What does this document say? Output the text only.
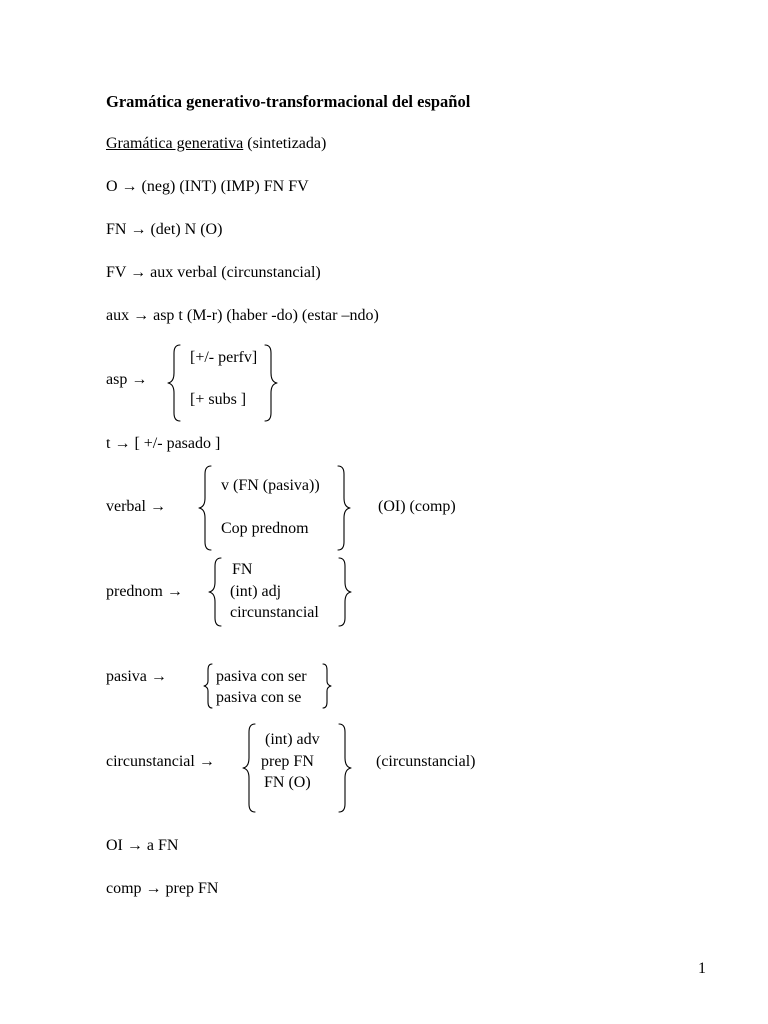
Gramática generativo-transformacional del español
Gramática generativa (sintetizada)
O → (neg) (INT) (IMP) FN FV
FN → (det) N (O)
FV → aux verbal (circunstancial)
aux → asp t (M-r) (haber -do) (estar –ndo)
asp →
[+/- perfv]
[+ subs ]
t → [ +/- pasado ]
verbal →
v (FN (pasiva))
Cop prednom
(OI) (comp)
prednom →
FN
(int) adj
circunstancial
pasiva →	pasiva con ser
pasiva con se
circunstancial →
(int) adv
prep FN
FN (O)
(circunstancial)
OI → a FN
comp → prep FN
1
